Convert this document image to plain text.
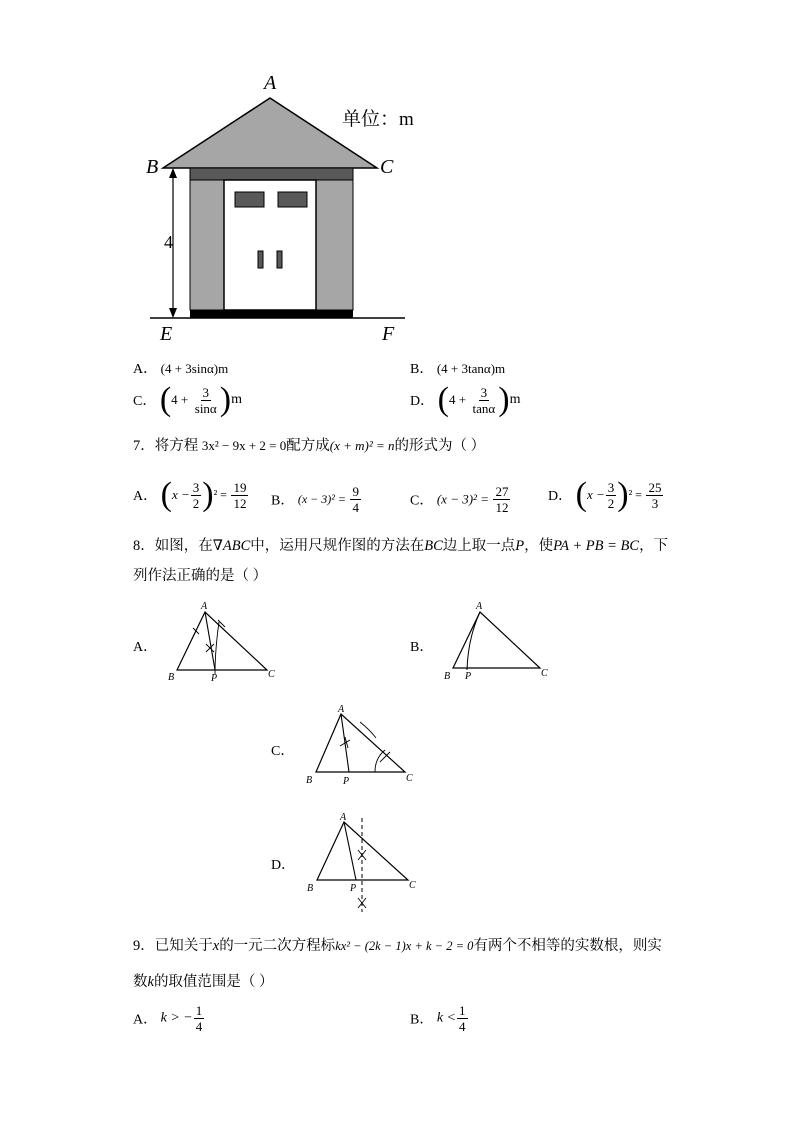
A
B	C
E	F
4
单位：m
A． (4 + 3sinα)m	B． (4 + 3tanα)m
C． $(4 + \frac{3}{\sin\alpha} )m$	D． $(4 + \frac{3}{\tan\alpha} )m$
7．将方程 3x² − 9x + 2 = 0配方成(x + m)² = n的形式为（ ）
A． $(x - \frac{3}{2} )^2 = \frac{19}{12}$ B． $(x - 3)^2 = \frac{9}{4}$	C． $(x - 3)^2 = \frac{27}{12}$	D． $(x - \frac{3}{2} )^2 = \frac{25}{3}$
8．如图，在∇ABC中，运用尺规作图的方法在BC边上取一点P，使PA + PB = BC，下
列作法正确的是（ ）
A．
A
B	P	C
B．
A
B P	C
C．
A
B	P	C
D．
A
B	P	C
9．已知关于x的一元二次方程标kx² − (2k − 1)x + k − 2 = 0有两个不相等的实数根，则实
数k的取值范围是（ ）
A． k > − $\frac{1}{4}$	B． $k < \frac{1}{4}$
